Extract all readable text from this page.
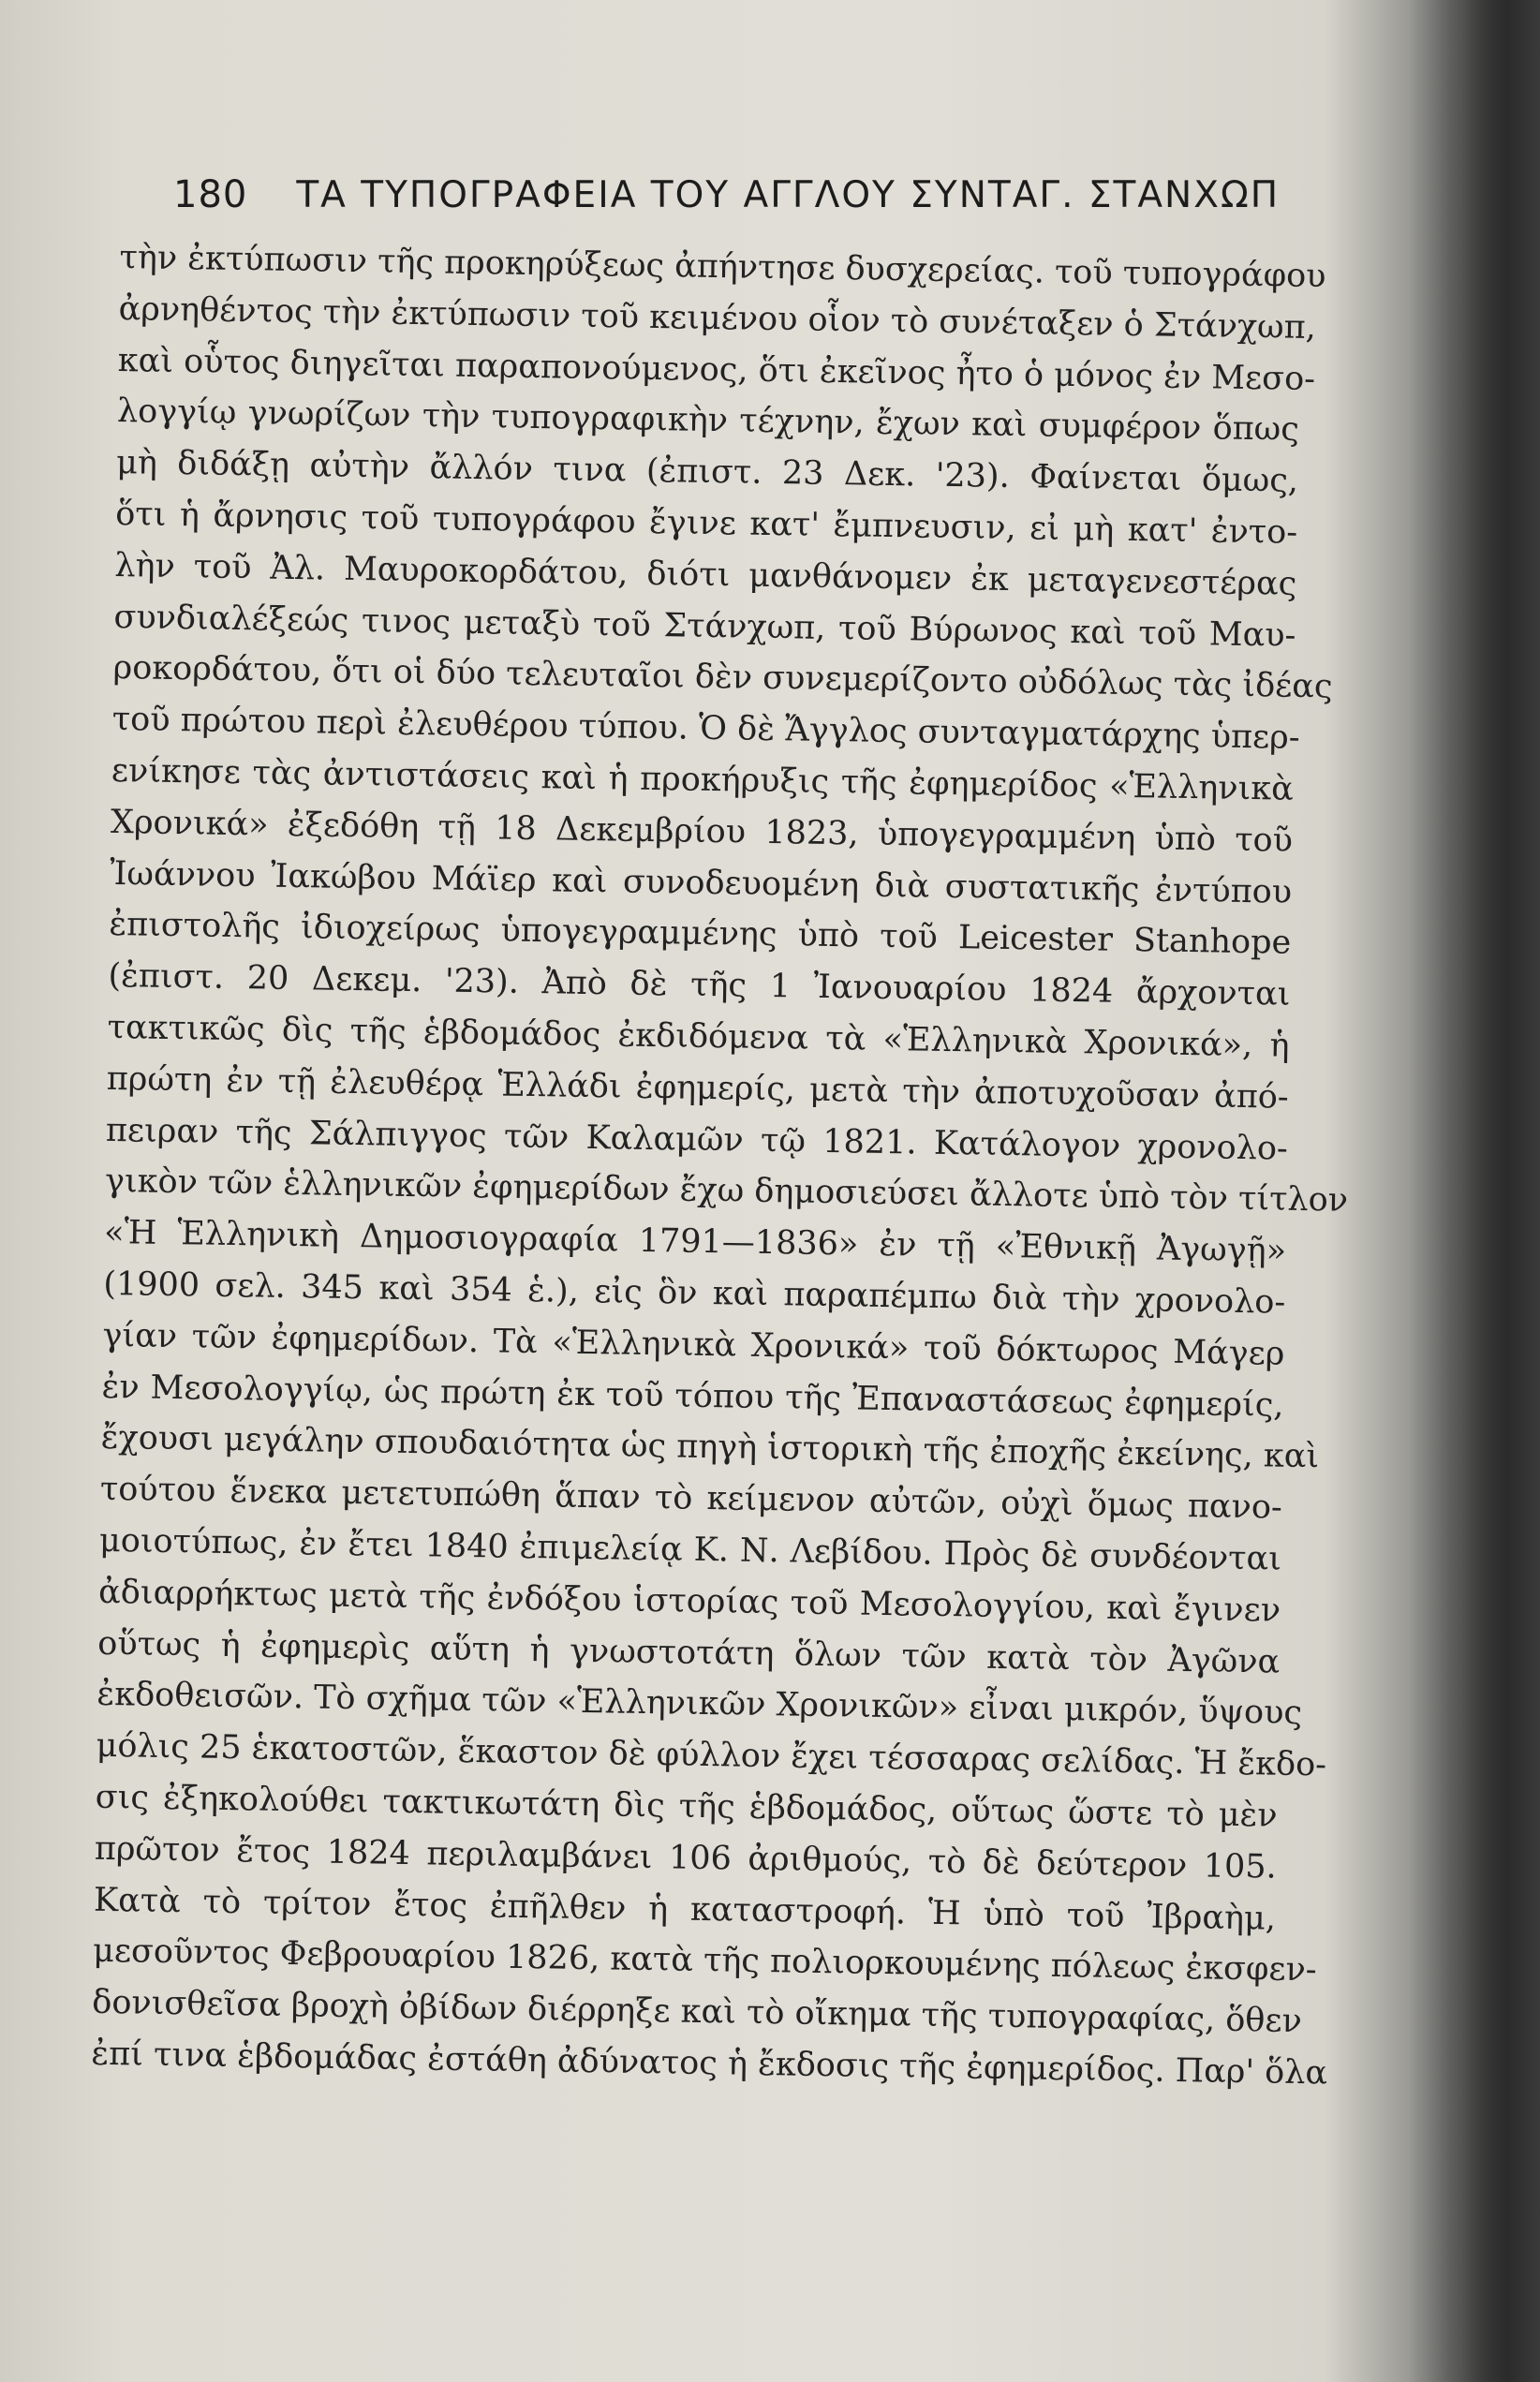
180 ΤΑ ΤΥΠΟΓΡΑΦΕΙΑ ΤΟΥ ΑΓΓΛΟΥ ΣΥΝΤΑΓ. ΣΤΑΝΧΩΠ
τὴν ἐκτύπωσιν τῆς προκηρύξεως ἀπήντησε δυσχερείας. τοῦ τυπογράφου
ἀρνηθέντος τὴν ἐκτύπωσιν τοῦ κειμένου οἷον τὸ συνέταξεν ὁ Στάνχωπ,
καὶ οὗτος διηγεῖται παραπονούμενος, ὅτι ἐκεῖνος ἦτο ὁ μόνος ἐν Μεσο-
λογγίῳ γνωρίζων τὴν τυπογραφικὴν τέχνην, ἔχων καὶ συμφέρον ὅπως
μὴ διδάξῃ αὐτὴν ἄλλόν τινα (ἐπιστ. 23 Δεκ. '23). Φαίνεται ὅμως,
ὅτι ἡ ἄρνησις τοῦ τυπογράφου ἔγινε κατ' ἔμπνευσιν, εἰ μὴ κατ' ἐντο-
λὴν τοῦ Ἀλ. Μαυροκορδάτου, διότι μανθάνομεν ἐκ μεταγενεστέρας
συνδιαλέξεώς τινος μεταξὺ τοῦ Στάνχωπ, τοῦ Βύρωνος καὶ τοῦ Μαυ-
ροκορδάτου, ὅτι οἱ δύο τελευταῖοι δὲν συνεμερίζοντο οὐδόλως τὰς ἰδέας
τοῦ πρώτου περὶ ἐλευθέρου τύπου. Ὁ δὲ Ἄγγλος συνταγματάρχης ὑπερ-
ενίκησε τὰς ἀντιστάσεις καὶ ἡ προκήρυξις τῆς ἐφημερίδος «Ἑλληνικὰ
Χρονικά» ἐξεδόθη τῇ 18 Δεκεμβρίου 1823, ὑπογεγραμμένη ὑπὸ τοῦ
Ἰωάννου Ἰακώβου Μάϊερ καὶ συνοδευομένη διὰ συστατικῆς ἐντύπου
ἐπιστολῆς ἰδιοχείρως ὑπογεγραμμένης ὑπὸ τοῦ Leicester Stanhope
(ἐπιστ. 20 Δεκεμ. '23). Ἀπὸ δὲ τῆς 1 Ἰανουαρίου 1824 ἄρχονται
τακτικῶς δὶς τῆς ἑβδομάδος ἐκδιδόμενα τὰ «Ἑλληνικὰ Χρονικά», ἡ
πρώτη ἐν τῇ ἐλευθέρᾳ Ἑλλάδι ἐφημερίς, μετὰ τὴν ἀποτυχοῦσαν ἀπό-
πειραν τῆς Σάλπιγγος τῶν Καλαμῶν τῷ 1821. Κατάλογον χρονολο-
γικὸν τῶν ἑλληνικῶν ἐφημερίδων ἔχω δημοσιεύσει ἄλλοτε ὑπὸ τὸν τίτλον
«Ἡ Ἑλληνικὴ Δημοσιογραφία 1791—1836» ἐν τῇ «Ἐθνικῇ Ἀγωγῇ»
(1900 σελ. 345 καὶ 354 ἑ.), εἰς ὃν καὶ παραπέμπω διὰ τὴν χρονολο-
γίαν τῶν ἐφημερίδων. Τὰ «Ἑλληνικὰ Χρονικά» τοῦ δόκτωρος Μάγερ
ἐν Μεσολογγίῳ, ὡς πρώτη ἐκ τοῦ τόπου τῆς Ἐπαναστάσεως ἐφημερίς,
ἔχουσι μεγάλην σπουδαιότητα ὡς πηγὴ ἱστορικὴ τῆς ἐποχῆς ἐκείνης, καὶ
τούτου ἕνεκα μετετυπώθη ἅπαν τὸ κείμενον αὐτῶν, οὐχὶ ὅμως πανο-
μοιοτύπως, ἐν ἔτει 1840 ἐπιμελείᾳ Κ. Ν. Λεβίδου. Πρὸς δὲ συνδέονται
ἀδιαρρήκτως μετὰ τῆς ἐνδόξου ἱστορίας τοῦ Μεσολογγίου, καὶ ἔγινεν
οὕτως ἡ ἐφημερὶς αὕτη ἡ γνωστοτάτη ὅλων τῶν κατὰ τὸν Ἀγῶνα
ἐκδοθεισῶν. Τὸ σχῆμα τῶν «Ἑλληνικῶν Χρονικῶν» εἶναι μικρόν, ὕψους
μόλις 25 ἑκατοστῶν, ἕκαστον δὲ φύλλον ἔχει τέσσαρας σελίδας. Ἡ ἔκδο-
σις ἐξηκολούθει τακτικωτάτη δὶς τῆς ἑβδομάδος, οὕτως ὥστε τὸ μὲν
πρῶτον ἔτος 1824 περιλαμβάνει 106 ἀριθμούς, τὸ δὲ δεύτερον 105.
Κατὰ τὸ τρίτον ἔτος ἐπῆλθεν ἡ καταστροφή. Ἡ ὑπὸ τοῦ Ἰβραὴμ,
μεσοῦντος Φεβρουαρίου 1826, κατὰ τῆς πολιορκουμένης πόλεως ἐκσφεν-
δονισθεῖσα βροχὴ ὀβίδων διέρρηξε καὶ τὸ οἴκημα τῆς τυπογραφίας, ὅθεν
ἐπί τινα ἑβδομάδας ἐστάθη ἀδύνατος ἡ ἔκδοσις τῆς ἐφημερίδος. Παρ' ὅλα
